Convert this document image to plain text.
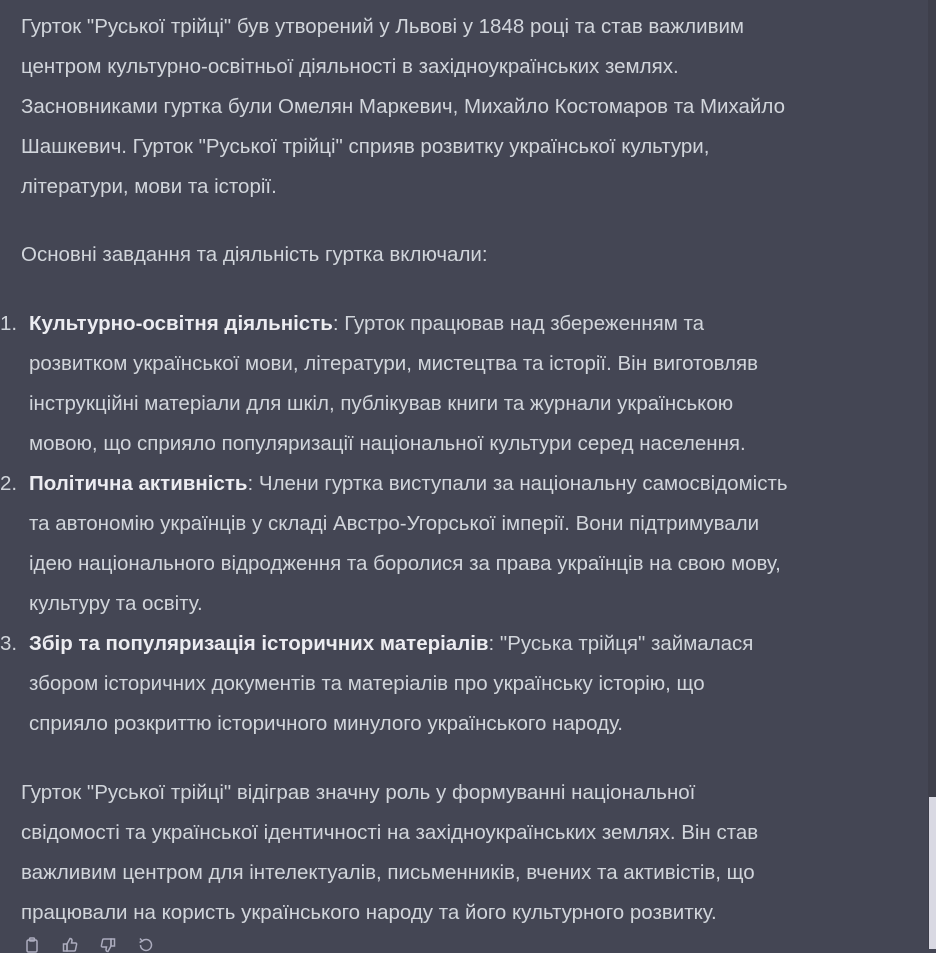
Гурток "Руської трійці" був утворений у Львові у 1848 році та став важливим
центром культурно-освітньої діяльності в західноукраїнських землях.
Засновниками гуртка були Омелян Маркевич, Михайло Костомаров та Михайло
Шашкевич. Гурток "Руської трійці" сприяв розвитку української культури,
літератури, мови та історії.

Основні завдання та діяльність гуртка включали:

1. Культурно-освітня діяльність: Гурток працював над збереженням та
розвитком української мови, літератури, мистецтва та історії. Він виготовляв
інструкційні матеріали для шкіл, публікував книги та журнали українською
мовою, що сприяло популяризації національної культури серед населення.
2. Політична активність: Члени гуртка виступали за національну самосвідомість
та автономію українців у складі Австро-Угорської імперії. Вони підтримували
ідею національного відродження та боролися за права українців на свою мову,
культуру та освіту.
3. Збір та популяризація історичних матеріалів: "Руська трійця" займалася
збором історичних документів та матеріалів про українську історію, що
сприяло розкриттю історичного минулого українського народу.

Гурток "Руської трійці" відіграв значну роль у формуванні національної
свідомості та української ідентичності на західноукраїнських землях. Він став
важливим центром для інтелектуалів, письменників, вчених та активістів, що
працювали на користь українського народу та його культурного розвитку.
